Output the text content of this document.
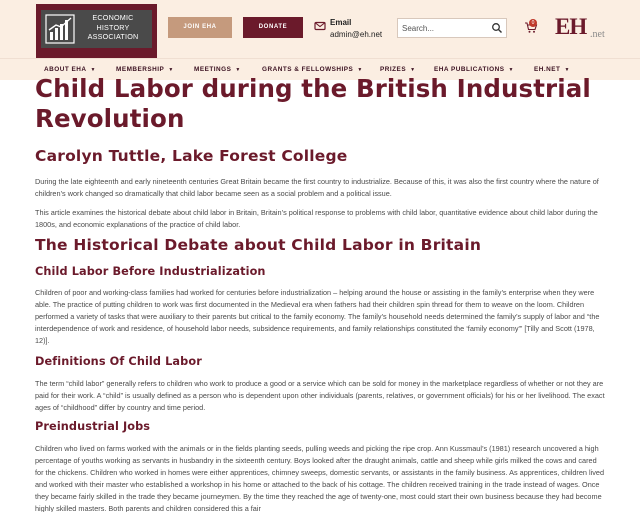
ECONOMIC HISTORY ASSOCIATION
JOIN EHA	DONATE	Email
admin@eh.net
Search...
0 EH .net
ABOUT EHA ▼	MEMBERSHIP ▼	MEETINGS ▼	GRANTS & FELLOWSHIPS ▼	PRIZES ▼	EHA PUBLICATIONS ▼	EH.NET ▼
Child Labor during the British Industrial Revolution
Carolyn Tuttle, Lake Forest College

During the late eighteenth and early nineteenth centuries Great Britain became the first country to industrialize. Because of this, it was also the first country where the nature of children’s work changed so dramatically that child labor became seen as a social problem and a political issue.

This article examines the historical debate about child labor in Britain, Britain’s political response to problems with child labor, quantitative evidence about child labor during the 1800s, and economic explanations of the practice of child labor.

The Historical Debate about Child Labor in Britain
Child Labor Before Industrialization

Children of poor and working-class families had worked for centuries before industrialization – helping around the house or assisting in the family’s enterprise when they were able. The practice of putting children to work was first documented in the Medieval era when fathers had their children spin thread for them to weave on the loom. Children performed a variety of tasks that were auxiliary to their parents but critical to the family economy. The family’s household needs determined the family’s supply of labor and “the interdependence of work and residence, of household labor needs, subsidence requirements, and family relationships constituted the ‘family economy'” [Tilly and Scott (1978, 12)].

Definitions Of Child Labor

The term “child labor” generally refers to children who work to produce a good or a service which can be sold for money in the marketplace regardless of whether or not they are paid for their work. A “child” is usually defined as a person who is dependent upon other individuals (parents, relatives, or government officials) for his or her livelihood. The exact ages of “childhood” differ by country and time period.

Preindustrial Jobs

Children who lived on farms worked with the animals or in the fields planting seeds, pulling weeds and picking the ripe crop. Ann Kussmaul’s (1981) research uncovered a high percentage of youths working as servants in husbandry in the sixteenth century. Boys looked after the draught animals, cattle and sheep while girls milked the cows and cared for the chickens. Children who worked in homes were either apprentices, chimney sweeps, domestic servants, or assistants in the family business. As apprentices, children lived and worked with their master who established a workshop in his home or attached to the back of his cottage. The children received training in the trade instead of wages. Once they became fairly skilled in the trade they became journeymen. By the time they reached the age of twenty-one, most could start their own business because they had become highly skilled masters. Both parents and children considered this a fair
